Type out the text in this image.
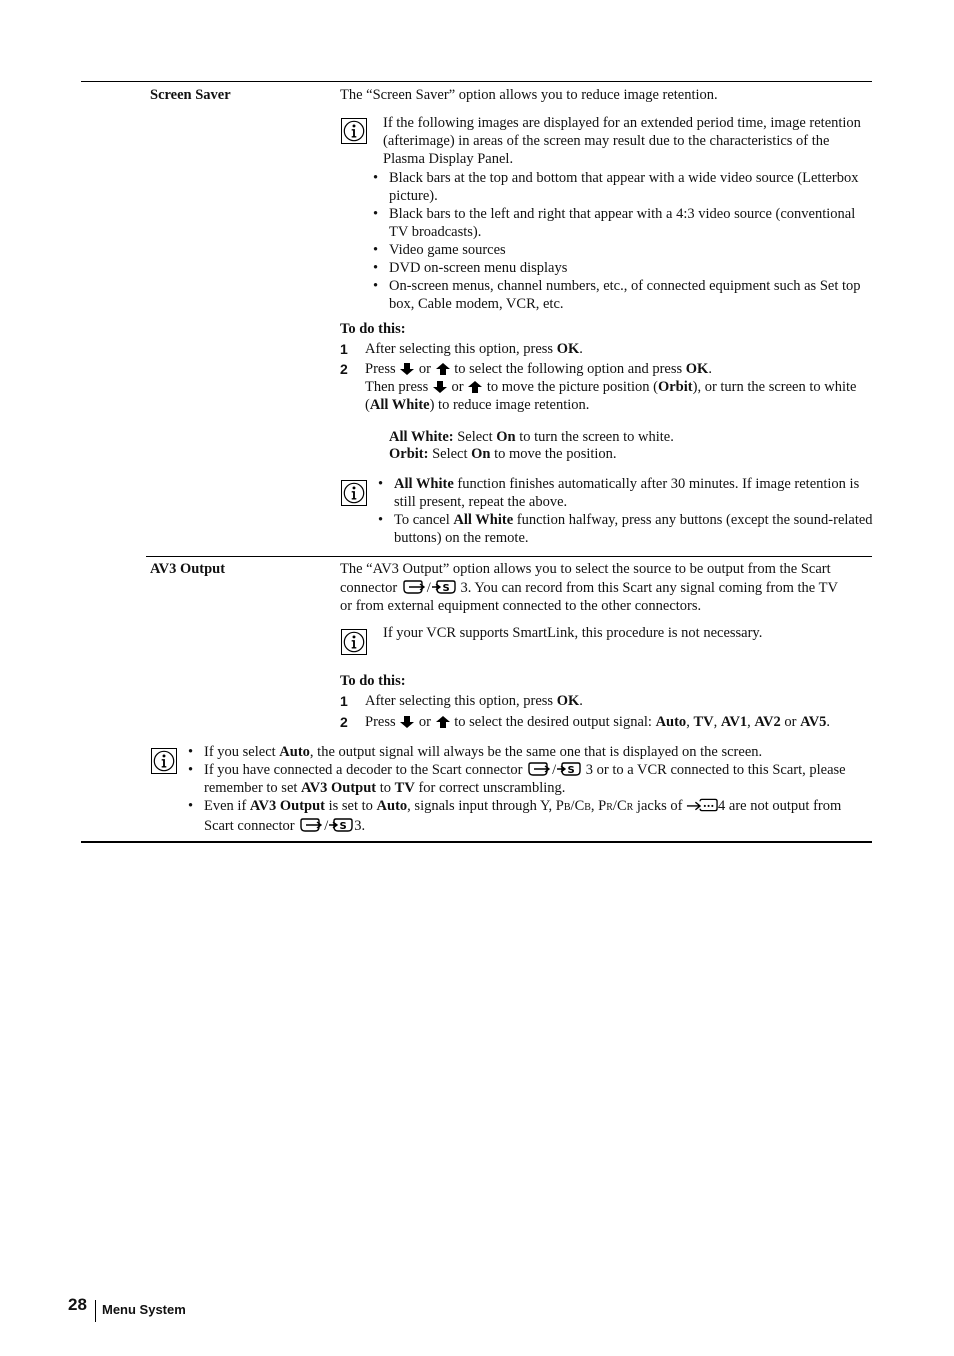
Screen Saver	The “Screen Saver” option allows you to reduce image retention.
If the following images are displayed for an extended period time, image retention (afterimage) in areas of the screen may result due to the characteristics of the Plasma Display Panel.
• Black bars at the top and bottom that appear with a wide video source (Letterbox picture).
• Black bars to the left and right that appear with a 4:3 video source (conventional TV broadcasts).
• Video game sources
• DVD on-screen menu displays
• On-screen menus, channel numbers, etc., of connected equipment such as Set top box, Cable modem, VCR, etc.
To do this:
1 After selecting this option, press OK.
2 Press or to select the following option and press OK.
Then press or to move the picture position (Orbit), or turn the screen to white (All White) to reduce image retention.
All White: Select On to turn the screen to white.
Orbit: Select On to move the position.
• All White function finishes automatically after 30 minutes. If image retention is still present, repeat the above.
• To cancel All White function halfway, press any buttons (except the sound-related buttons) on the remote.
AV3 Output	The “AV3 Output” option allows you to select the source to be output from the Scart
connector / 3. You can record from this Scart any signal coming from the TV
or from external equipment connected to the other connectors.
If your VCR supports SmartLink, this procedure is not necessary.
To do this:
1 After selecting this option, press OK.
2 Press or to select the desired output signal: Auto, TV, AV1, AV2 or AV5.
• If you select Auto, the output signal will always be the same one that is displayed on the screen.
• If you have connected a decoder to the Scart connector / 3 or to a VCR connected to this Scart, please
remember to set AV3 Output to TV for correct unscrambling.
• Even if AV3 Output is set to Auto, signals input through Y, PB/CB, PR/CR jacks of 4 are not output from
Scart connector / 3.
28 Menu System
